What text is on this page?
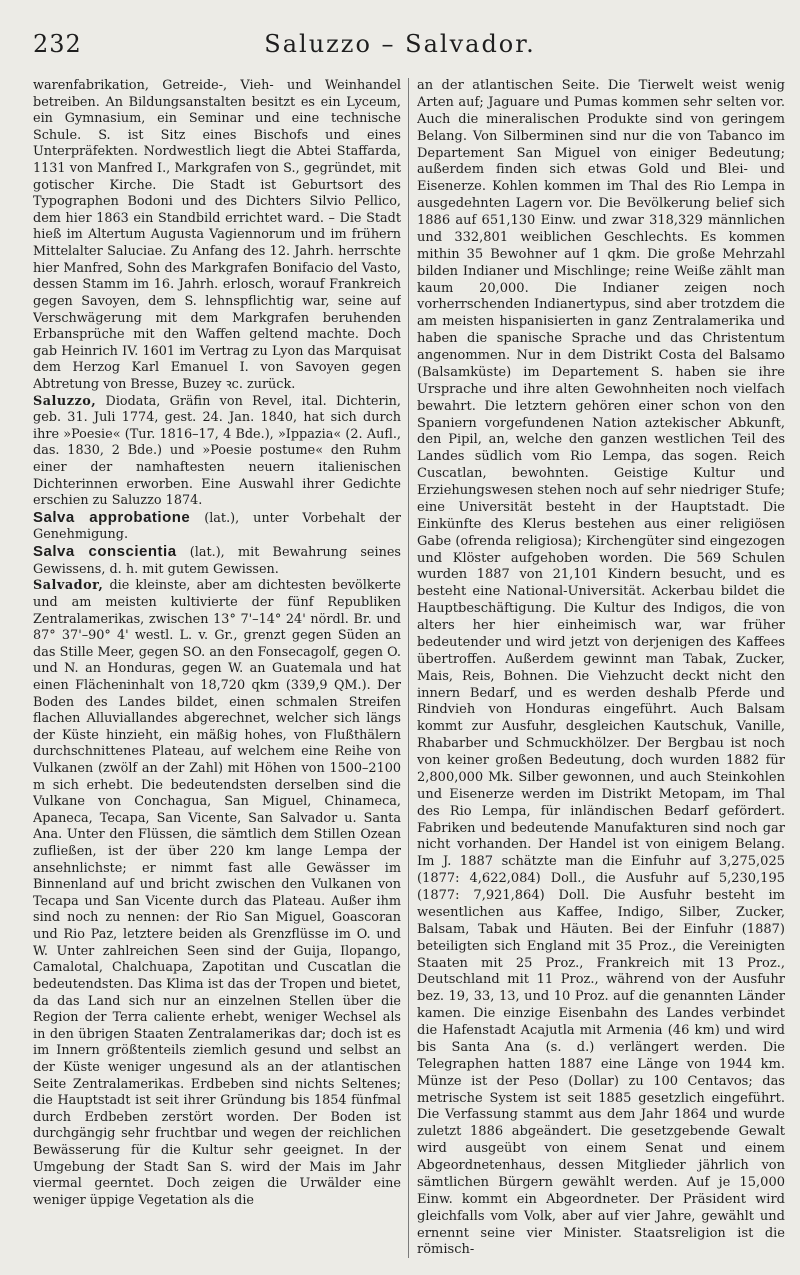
232	Saluzzo – Salvador.

warenfabrikation, Getreide-, Vieh- und Weinhandel betreiben. An Bildungsanstalten besitzt es ein Lyceum, ein Gymnasium, ein Seminar und eine technische Schule. S. ist Sitz eines Bischofs und eines Unterpräfekten. Nordwestlich liegt die Abtei Staffarda, 1131 von Manfred I., Markgrafen von S., gegründet, mit gotischer Kirche. Die Stadt ist Geburtsort des Typographen Bodoni und des Dichters Silvio Pellico, dem hier 1863 ein Standbild errichtet ward. – Die Stadt hieß im Altertum Augusta Vagiennorum und im frühern Mittelalter Saluciae. Zu Anfang des 12. Jahrh. herrschte hier Manfred, Sohn des Markgrafen Bonifacio del Vasto, dessen Stamm im 16. Jahrh. erlosch, worauf Frankreich gegen Savoyen, dem S. lehnspflichtig war, seine auf Verschwägerung mit dem Markgrafen beruhenden Erbansprüche mit den Waffen geltend machte. Doch gab Heinrich IV. 1601 im Vertrag zu Lyon das Marquisat dem Herzog Karl Emanuel I. von Savoyen gegen Abtretung von Bresse, Buzey ꝛc. zurück.

Saluzzo, Diodata, Gräfin von Revel, ital. Dichterin, geb. 31. Juli 1774, gest. 24. Jan. 1840, hat sich durch ihre »Poesie« (Tur. 1816–17, 4 Bde.), »Ippazia« (2. Aufl., das. 1830, 2 Bde.) und »Poesie postume« den Ruhm einer der namhaftesten neuern italienischen Dichterinnen erworben. Eine Auswahl ihrer Gedichte erschien zu Saluzzo 1874.

Salva approbatione (lat.), unter Vorbehalt der Genehmigung.

Salva conscientia (lat.), mit Bewahrung seines Gewissens, d. h. mit gutem Gewissen.

Salvador, die kleinste, aber am dichtesten bevölkerte und am meisten kultivierte der fünf Republiken Zentralamerikas, zwischen 13° 7'–14° 24' nördl. Br. und 87° 37'–90° 4' westl. L. v. Gr., grenzt gegen Süden an das Stille Meer, gegen SO. an den Fonsecagolf, gegen O. und N. an Honduras, gegen W. an Guatemala und hat einen Flächeninhalt von 18,720 qkm (339,9 QM.). Der Boden des Landes bildet, einen schmalen Streifen flachen Alluviallandes abgerechnet, welcher sich längs der Küste hinzieht, ein mäßig hohes, von Flußthälern durchschnittenes Plateau, auf welchem eine Reihe von Vulkanen (zwölf an der Zahl) mit Höhen von 1500–2100 m sich erhebt. Die bedeutendsten derselben sind die Vulkane von Conchagua, San Miguel, Chinameca, Apaneca, Tecapa, San Vicente, San Salvador u. Santa Ana. Unter den Flüssen, die sämtlich dem Stillen Ozean zufließen, ist der über 220 km lange Lempa der ansehnlichste; er nimmt fast alle Gewässer im Binnenland auf und bricht zwischen den Vulkanen von Tecapa und San Vicente durch das Plateau. Außer ihm sind noch zu nennen: der Rio San Miguel, Goascoran und Rio Paz, letztere beiden als Grenzflüsse im O. und W. Unter zahlreichen Seen sind der Guija, Ilopango, Camalotal, Chalchuapa, Zapotitan und Cuscatlan die bedeutendsten. Das Klima ist das der Tropen und bietet, da das Land sich nur an einzelnen Stellen über die Region der Terra caliente erhebt, weniger Wechsel als in den übrigen Staaten Zentralamerikas dar; doch ist es im Innern größtenteils ziemlich gesund und selbst an der Küste weniger ungesund als an der atlantischen Seite Zentralamerikas. Erdbeben sind nichts Seltenes; die Hauptstadt ist seit ihrer Gründung bis 1854 fünfmal durch Erdbeben zerstört worden. Der Boden ist durchgängig sehr fruchtbar und wegen der reichlichen Bewässerung für die Kultur sehr geeignet. In der Umgebung der Stadt San S. wird der Mais im Jahr viermal geerntet. Doch zeigen die Urwälder eine weniger üppige Vegetation als die

an der atlantischen Seite. Die Tierwelt weist wenig Arten auf; Jaguare und Pumas kommen sehr selten vor. Auch die mineralischen Produkte sind von geringem Belang. Von Silberminen sind nur die von Tabanco im Departement San Miguel von einiger Bedeutung; außerdem finden sich etwas Gold und Blei- und Eisenerze. Kohlen kommen im Thal des Rio Lempa in ausgedehnten Lagern vor. Die Bevölkerung belief sich 1886 auf 651,130 Einw. und zwar 318,329 männlichen und 332,801 weiblichen Geschlechts. Es kommen mithin 35 Bewohner auf 1 qkm. Die große Mehrzahl bilden Indianer und Mischlinge; reine Weiße zählt man kaum 20,000. Die Indianer zeigen noch vorherrschenden Indianertypus, sind aber trotzdem die am meisten hispanisierten in ganz Zentralamerika und haben die spanische Sprache und das Christentum angenommen. Nur in dem Distrikt Costa del Balsamo (Balsamküste) im Departement S. haben sie ihre Ursprache und ihre alten Gewohnheiten noch vielfach bewahrt. Die letztern gehören einer schon von den Spaniern vorgefundenen Nation aztekischer Abkunft, den Pipil, an, welche den ganzen westlichen Teil des Landes südlich vom Rio Lempa, das sogen. Reich Cuscatlan, bewohnten. Geistige Kultur und Erziehungswesen stehen noch auf sehr niedriger Stufe; eine Universität besteht in der Hauptstadt. Die Einkünfte des Klerus bestehen aus einer religiösen Gabe (ofrenda religiosa); Kirchengüter sind eingezogen und Klöster aufgehoben worden. Die 569 Schulen wurden 1887 von 21,101 Kindern besucht, und es besteht eine National-Universität. Ackerbau bildet die Hauptbeschäftigung. Die Kultur des Indigos, die von alters her hier einheimisch war, war früher bedeutender und wird jetzt von derjenigen des Kaffees übertroffen. Außerdem gewinnt man Tabak, Zucker, Mais, Reis, Bohnen. Die Viehzucht deckt nicht den innern Bedarf, und es werden deshalb Pferde und Rindvieh von Honduras eingeführt. Auch Balsam kommt zur Ausfuhr, desgleichen Kautschuk, Vanille, Rhabarber und Schmuckhölzer. Der Bergbau ist noch von keiner großen Bedeutung, doch wurden 1882 für 2,800,000 Mk. Silber gewonnen, und auch Steinkohlen und Eisenerze werden im Distrikt Metopam, im Thal des Rio Lempa, für inländischen Bedarf gefördert. Fabriken und bedeutende Manufakturen sind noch gar nicht vorhanden. Der Handel ist von einigem Belang. Im J. 1887 schätzte man die Einfuhr auf 3,275,025 (1877: 4,622,084) Doll., die Ausfuhr auf 5,230,195 (1877: 7,921,864) Doll. Die Ausfuhr besteht im wesentlichen aus Kaffee, Indigo, Silber, Zucker, Balsam, Tabak und Häuten. Bei der Einfuhr (1887) beteiligten sich England mit 35 Proz., die Vereinigten Staaten mit 25 Proz., Frankreich mit 13 Proz., Deutschland mit 11 Proz., während von der Ausfuhr bez. 19, 33, 13, und 10 Proz. auf die genannten Länder kamen. Die einzige Eisenbahn des Landes verbindet die Hafenstadt Acajutla mit Armenia (46 km) und wird bis Santa Ana (s. d.) verlängert werden. Die Telegraphen hatten 1887 eine Länge von 1944 km. Münze ist der Peso (Dollar) zu 100 Centavos; das metrische System ist seit 1885 gesetzlich eingeführt. Die Verfassung stammt aus dem Jahr 1864 und wurde zuletzt 1886 abgeändert. Die gesetzgebende Gewalt wird ausgeübt von einem Senat und einem Abgeordnetenhaus, dessen Mitglieder jährlich von sämtlichen Bürgern gewählt werden. Auf je 15,000 Einw. kommt ein Abgeordneter. Der Präsident wird gleichfalls vom Volk, aber auf vier Jahre, gewählt und ernennt seine vier Minister. Staatsreligion ist die römisch-
